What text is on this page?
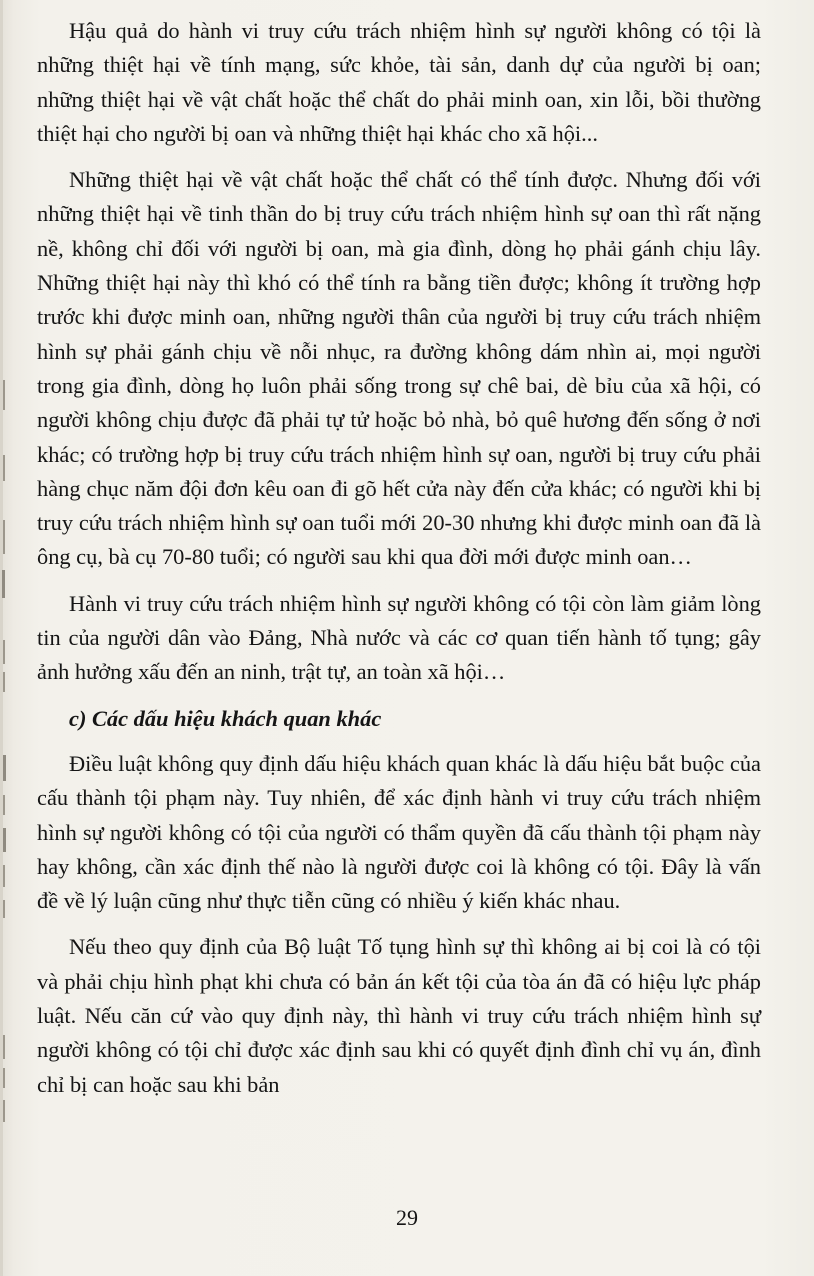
Hậu quả do hành vi truy cứu trách nhiệm hình sự người không có tội là những thiệt hại về tính mạng, sức khỏe, tài sản, danh dự của người bị oan; những thiệt hại về vật chất hoặc thể chất do phải minh oan, xin lỗi, bồi thường thiệt hại cho người bị oan và những thiệt hại khác cho xã hội...

Những thiệt hại về vật chất hoặc thể chất có thể tính được. Nhưng đối với những thiệt hại về tinh thần do bị truy cứu trách nhiệm hình sự oan thì rất nặng nề, không chỉ đối với người bị oan, mà gia đình, dòng họ phải gánh chịu lây. Những thiệt hại này thì khó có thể tính ra bằng tiền được; không ít trường hợp trước khi được minh oan, những người thân của người bị truy cứu trách nhiệm hình sự phải gánh chịu về nỗi nhục, ra đường không dám nhìn ai, mọi người trong gia đình, dòng họ luôn phải sống trong sự chê bai, dè bỉu của xã hội, có người không chịu được đã phải tự tử hoặc bỏ nhà, bỏ quê hương đến sống ở nơi khác; có trường hợp bị truy cứu trách nhiệm hình sự oan, người bị truy cứu phải hàng chục năm đội đơn kêu oan đi gõ hết cửa này đến cửa khác; có người khi bị truy cứu trách nhiệm hình sự oan tuổi mới 20-30 nhưng khi được minh oan đã là ông cụ, bà cụ 70-80 tuổi; có người sau khi qua đời mới được minh oan…

Hành vi truy cứu trách nhiệm hình sự người không có tội còn làm giảm lòng tin của người dân vào Đảng, Nhà nước và các cơ quan tiến hành tố tụng; gây ảnh hưởng xấu đến an ninh, trật tự, an toàn xã hội…

c) Các dấu hiệu khách quan khác

Điều luật không quy định dấu hiệu khách quan khác là dấu hiệu bắt buộc của cấu thành tội phạm này. Tuy nhiên, để xác định hành vi truy cứu trách nhiệm hình sự người không có tội của người có thẩm quyền đã cấu thành tội phạm này hay không, cần xác định thế nào là người được coi là không có tội. Đây là vấn đề về lý luận cũng như thực tiễn cũng có nhiều ý kiến khác nhau.

Nếu theo quy định của Bộ luật Tố tụng hình sự thì không ai bị coi là có tội và phải chịu hình phạt khi chưa có bản án kết tội của tòa án đã có hiệu lực pháp luật. Nếu căn cứ vào quy định này, thì hành vi truy cứu trách nhiệm hình sự người không có tội chỉ được xác định sau khi có quyết định đình chỉ vụ án, đình chỉ bị can hoặc sau khi bản

29
